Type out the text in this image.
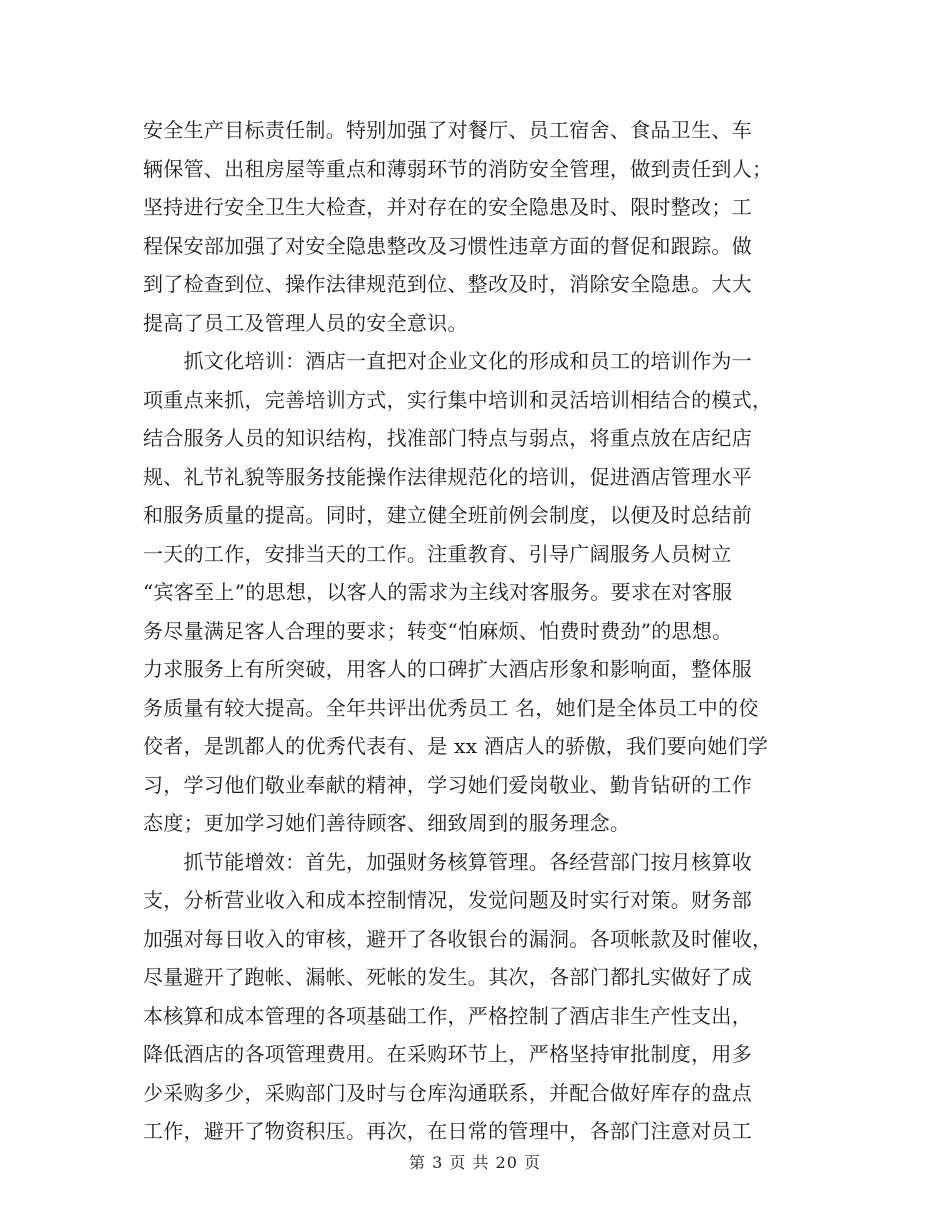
安全生产目标责任制。特别加强了对餐厅、员工宿舍、食品卫生、车
辆保管、出租房屋等重点和薄弱环节的消防安全管理，做到责任到人；
坚持进行安全卫生大检查，并对存在的安全隐患及时、限时整改；工
程保安部加强了对安全隐患整改及习惯性违章方面的督促和跟踪。做
到了检查到位、操作法律规范到位、整改及时，消除安全隐患。大大
提高了员工及管理人员的安全意识。
　　抓文化培训：酒店一直把对企业文化的形成和员工的培训作为一
项重点来抓，完善培训方式，实行集中培训和灵活培训相结合的模式，
结合服务人员的知识结构，找准部门特点与弱点，将重点放在店纪店
规、礼节礼貌等服务技能操作法律规范化的培训，促进酒店管理水平
和服务质量的提高。同时，建立健全班前例会制度，以便及时总结前
一天的工作，安排当天的工作。注重教育、引导广阔服务人员树立
“宾客至上”的思想，以客人的需求为主线对客服务。要求在对客服
务尽量满足客人合理的要求；转变“怕麻烦、怕费时费劲”的思想。
力求服务上有所突破，用客人的口碑扩大酒店形象和影响面，整体服
务质量有较大提高。全年共评出优秀员工 名，她们是全体员工中的佼
佼者，是凯都人的优秀代表有、是 xx 酒店人的骄傲，我们要向她们学
习，学习他们敬业奉献的精神，学习她们爱岗敬业、勤肯钻研的工作
态度；更加学习她们善待顾客、细致周到的服务理念。
　　抓节能增效：首先，加强财务核算管理。各经营部门按月核算收
支，分析营业收入和成本控制情况，发觉问题及时实行对策。财务部
加强对每日收入的审核，避开了各收银台的漏洞。各项帐款及时催收，
尽量避开了跑帐、漏帐、死帐的发生。其次，各部门都扎实做好了成
本核算和成本管理的各项基础工作，严格控制了酒店非生产性支出，
降低酒店的各项管理费用。在采购环节上，严格坚持审批制度，用多
少采购多少，采购部门及时与仓库沟通联系，并配合做好库存的盘点
工作，避开了物资积压。再次，在日常的管理中，各部门注意对员工
第 3 页 共 20 页
